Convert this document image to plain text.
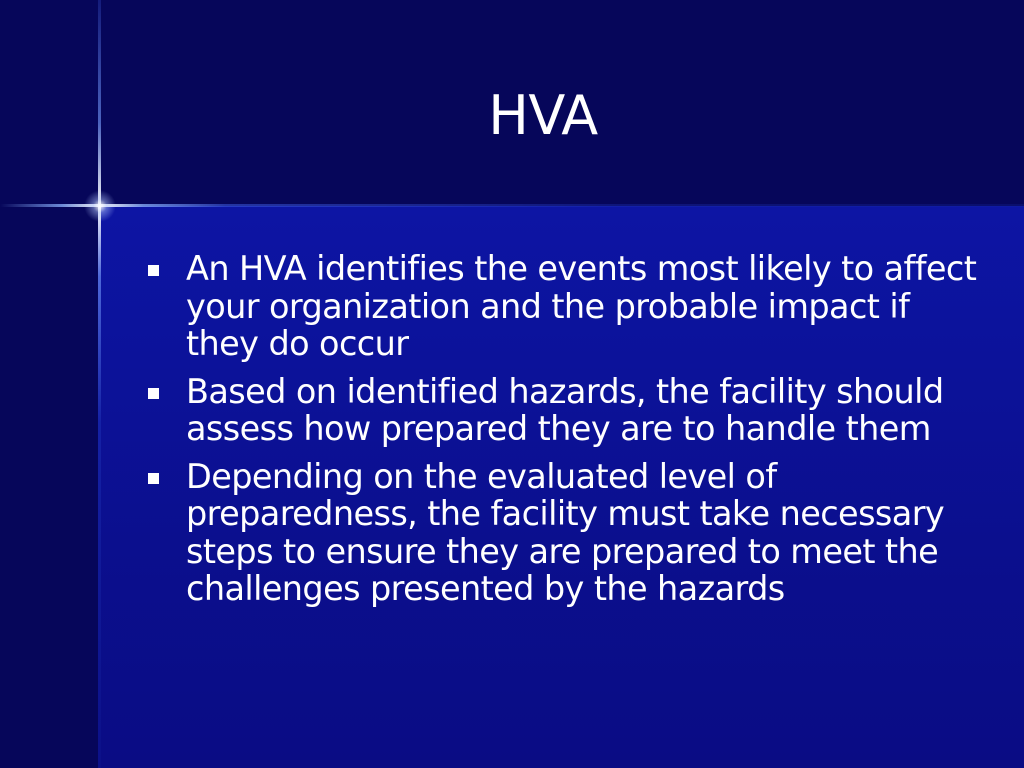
HVA
An HVA identifies the events most likely to affect your organization and the probable impact if they do occur
Based on identified hazards, the facility should assess how prepared they are to handle them
Depending on the evaluated level of preparedness, the facility must take necessary steps to ensure they are prepared to meet the challenges presented by the hazards
